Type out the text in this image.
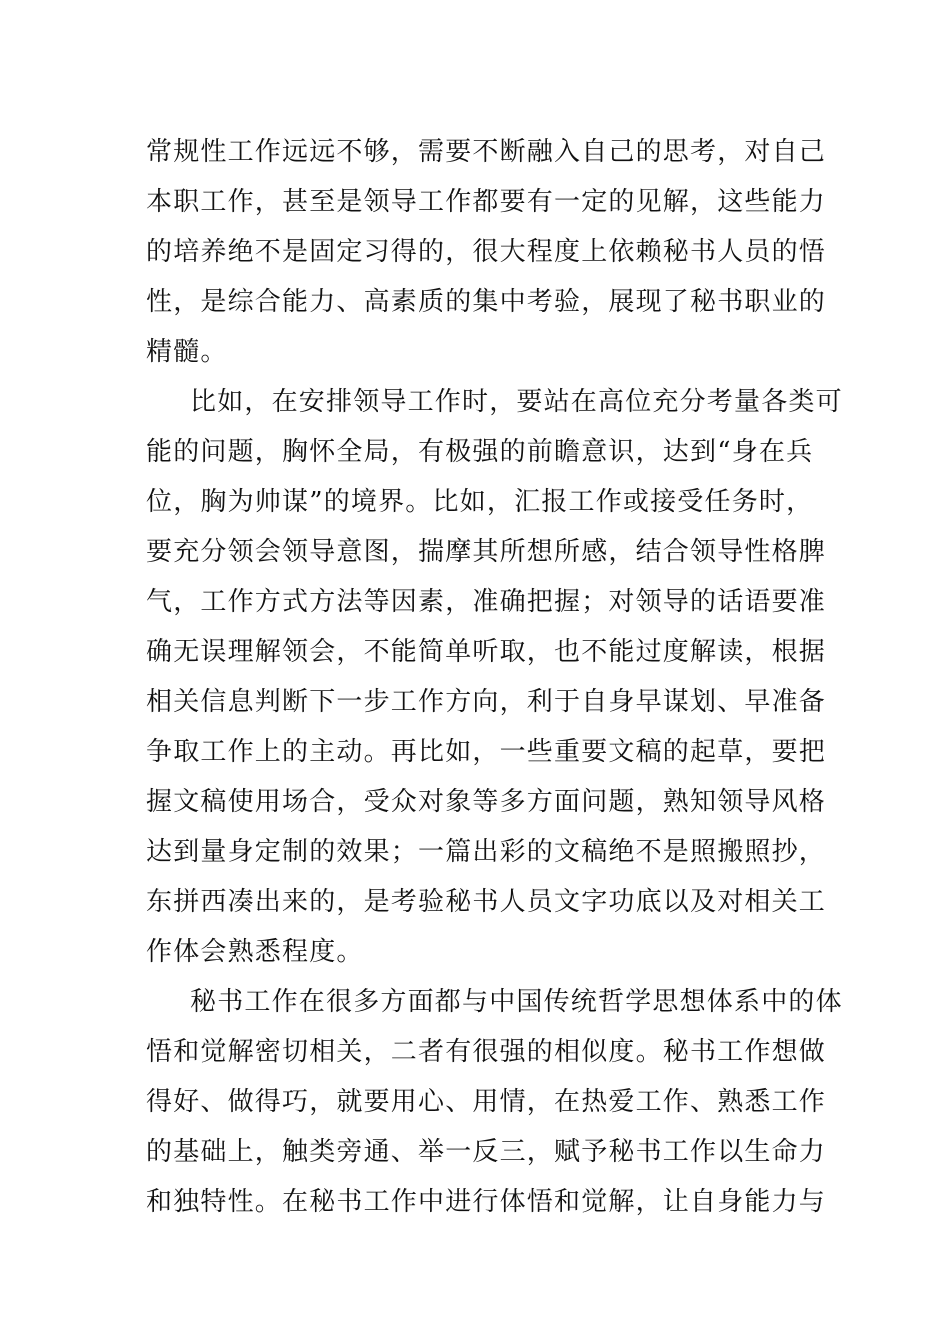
常规性工作远远不够，需要不断融入自己的思考，对自己
本职工作，甚至是领导工作都要有一定的见解，这些能力
的培养绝不是固定习得的，很大程度上依赖秘书人员的悟
性，是综合能力、高素质的集中考验，展现了秘书职业的
精髓。
比如，在安排领导工作时，要站在高位充分考量各类可
能的问题，胸怀全局，有极强的前瞻意识，达到“身在兵
位，胸为帅谋”的境界。比如，汇报工作或接受任务时，
要充分领会领导意图，揣摩其所想所感，结合领导性格脾
气，工作方式方法等因素，准确把握；对领导的话语要准
确无误理解领会，不能简单听取，也不能过度解读，根据
相关信息判断下一步工作方向，利于自身早谋划、早准备
争取工作上的主动。再比如，一些重要文稿的起草，要把
握文稿使用场合，受众对象等多方面问题，熟知领导风格
达到量身定制的效果；一篇出彩的文稿绝不是照搬照抄，
东拼西凑出来的，是考验秘书人员文字功底以及对相关工
作体会熟悉程度。
秘书工作在很多方面都与中国传统哲学思想体系中的体
悟和觉解密切相关，二者有很强的相似度。秘书工作想做
得好、做得巧，就要用心、用情，在热爱工作、熟悉工作
的基础上，触类旁通、举一反三，赋予秘书工作以生命力
和独特性。在秘书工作中进行体悟和觉解，让自身能力与
